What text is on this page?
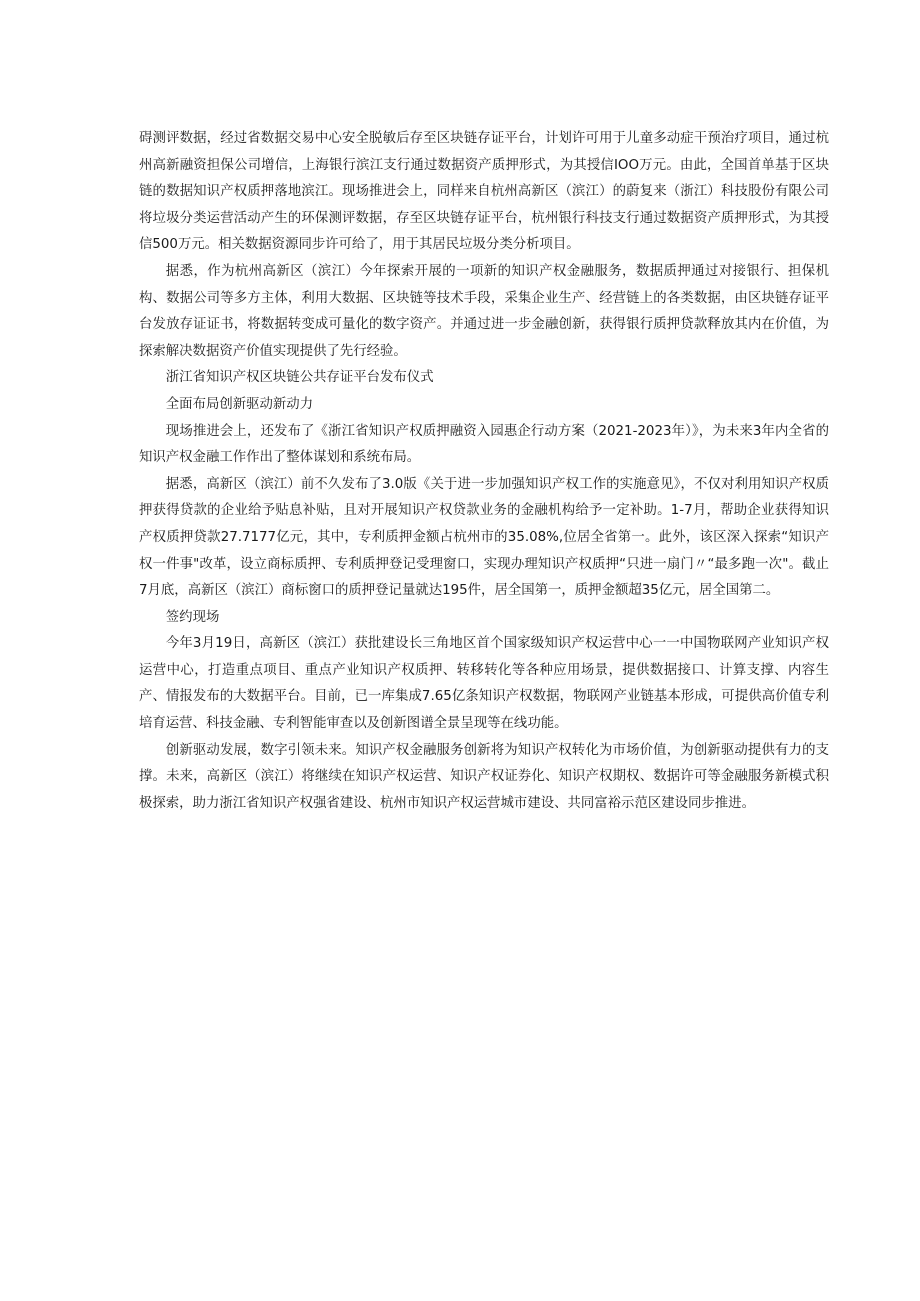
碍测评数据，经过省数据交易中心安全脱敏后存至区块链存证平台，计划许可用于儿童多动症干预治疗项目，通过杭州高新融资担保公司增信，上海银行滨江支行通过数据资产质押形式，为其授信IOO万元。由此，全国首单基于区块链的数据知识产权质押落地滨江。现场推进会上，同样来自杭州高新区（滨江）的蔚复来（浙江）科技股份有限公司将垃圾分类运营活动产生的环保测评数据，存至区块链存证平台，杭州银行科技支行通过数据资产质押形式，为其授信500万元。相关数据资源同步许可给了，用于其居民垃圾分类分析项目。

据悉，作为杭州高新区（滨江）今年探索开展的一项新的知识产权金融服务，数据质押通过对接银行、担保机构、数据公司等多方主体，利用大数据、区块链等技术手段，采集企业生产、经营链上的各类数据，由区块链存证平台发放存证证书，将数据转变成可量化的数字资产。并通过进一步金融创新，获得银行质押贷款释放其内在价值，为探索解决数据资产价值实现提供了先行经验。

浙江省知识产权区块链公共存证平台发布仪式

全面布局创新驱动新动力

现场推进会上，还发布了《浙江省知识产权质押融资入园惠企行动方案（2021-2023年）》，为未来3年内全省的知识产权金融工作作出了整体谋划和系统布局。

据悉，高新区（滨江）前不久发布了3.0版《关于进一步加强知识产权工作的实施意见》，不仅对利用知识产权质押获得贷款的企业给予贴息补贴，且对开展知识产权贷款业务的金融机构给予一定补助。1-7月，帮助企业获得知识产权质押贷款27.7177亿元，其中，专利质押金额占杭州市的35.08%,位居全省第一。此外，该区深入探索“知识产权一件事"改革，设立商标质押、专利质押登记受理窗口，实现办理知识产权质押“只进一扇门〃“最多跑一次"。截止7月底，高新区（滨江）商标窗口的质押登记量就达195件，居全国第一，质押金额超35亿元，居全国第二。

签约现场

今年3月19日，高新区（滨江）获批建设长三角地区首个国家级知识产权运营中心一一中国物联网产业知识产权运营中心，打造重点项目、重点产业知识产权质押、转移转化等各种应用场景，提供数据接口、计算支撑、内容生产、情报发布的大数据平台。目前，已一库集成7.65亿条知识产权数据，物联网产业链基本形成，可提供高价值专利培育运营、科技金融、专利智能审查以及创新图谱全景呈现等在线功能。

创新驱动发展，数字引领未来。知识产权金融服务创新将为知识产权转化为市场价值，为创新驱动提供有力的支撑。未来，高新区（滨江）将继续在知识产权运营、知识产权证券化、知识产权期权、数据许可等金融服务新模式积极探索，助力浙江省知识产权强省建设、杭州市知识产权运营城市建设、共同富裕示范区建设同步推进。
